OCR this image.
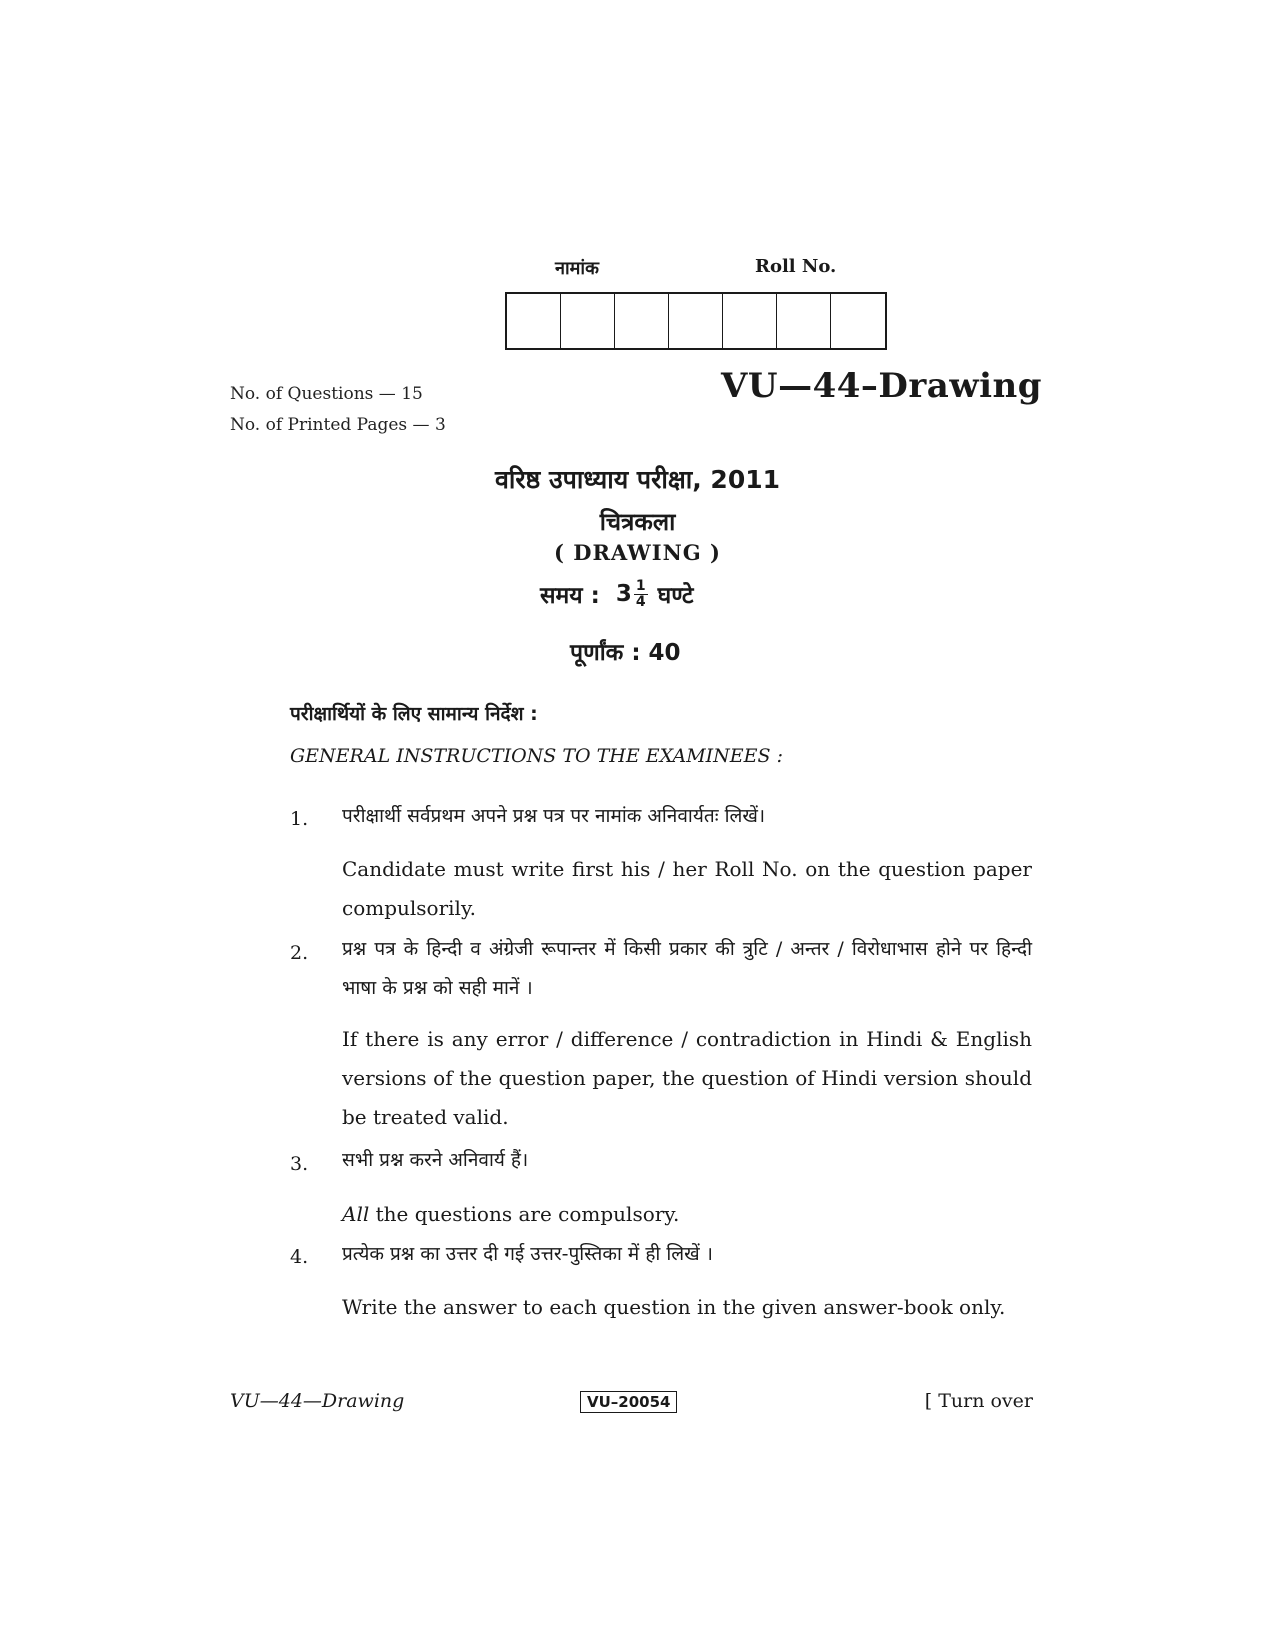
नामांक	Roll No.
No. of Questions — 15
No. of Printed Pages — 3
VU—44–Drawing
वरिष्ठ उपाध्याय परीक्षा, 2011
चित्रकला
( DRAWING )
समय : $3 \frac{1}{4}$ घण्टे
पूर्णांक : 40
परीक्षार्थियों के लिए सामान्य निर्देश :
GENERAL INSTRUCTIONS TO THE EXAMINEES :
1. परीक्षार्थी सर्वप्रथम अपने प्रश्न पत्र पर नामांक अनिवार्यतः लिखें।
Candidate must write first his / her Roll No. on the question paper compulsorily.
2. प्रश्न पत्र के हिन्दी व अंग्रेजी रूपान्तर में किसी प्रकार की त्रुटि / अन्तर / विरोधाभास होने पर हिन्दी भाषा के प्रश्न को सही मानें ।
If there is any error / difference / contradiction in Hindi & English versions of the question paper, the question of Hindi version should be treated valid.
3. सभी प्रश्न करने अनिवार्य हैं।
All the questions are compulsory.
4. प्रत्येक प्रश्न का उत्तर दी गई उत्तर-पुस्तिका में ही लिखें ।
Write the answer to each question in the given answer-book only.
VU—44—Drawing	VU–20054	[ Turn over
